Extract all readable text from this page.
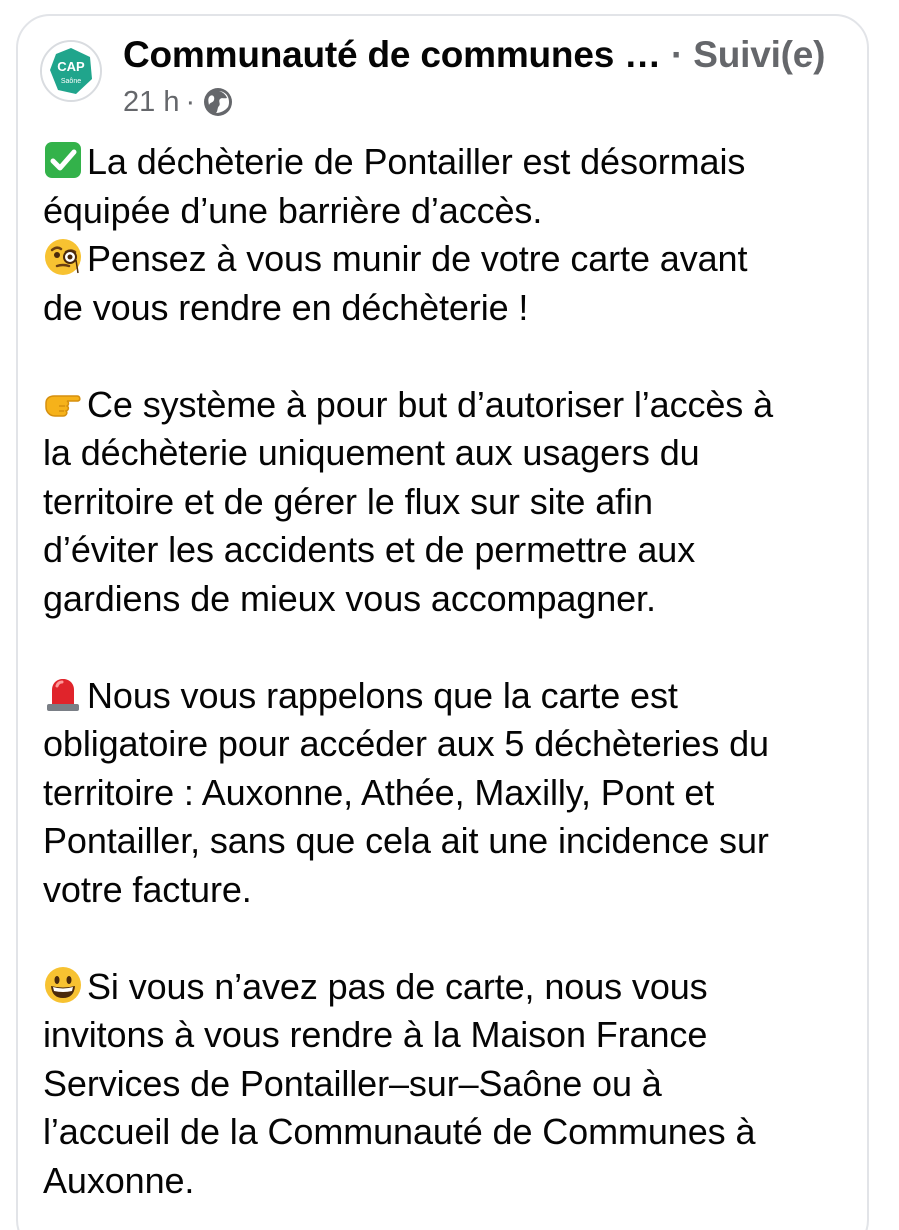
CAP
Saône
Communauté de communes … · Suivi(e)
21 h ·
La déchèterie de Pontailler est désormais
équipée d’une barrière d’accès.
Pensez à vous munir de votre carte avant
de vous rendre en déchèterie !
Ce système à pour but d’autoriser l’accès à
la déchèterie uniquement aux usagers du
territoire et de gérer le flux sur site afin
d’éviter les accidents et de permettre aux
gardiens de mieux vous accompagner.
Nous vous rappelons que la carte est
obligatoire pour accéder aux 5 déchèteries du
territoire : Auxonne, Athée, Maxilly, Pont et
Pontailler, sans que cela ait une incidence sur
votre facture.
Si vous n’avez pas de carte, nous vous
invitons à vous rendre à la Maison France
Services de Pontailler–sur–Saône ou à
l’accueil de la Communauté de Communes à
Auxonne.
